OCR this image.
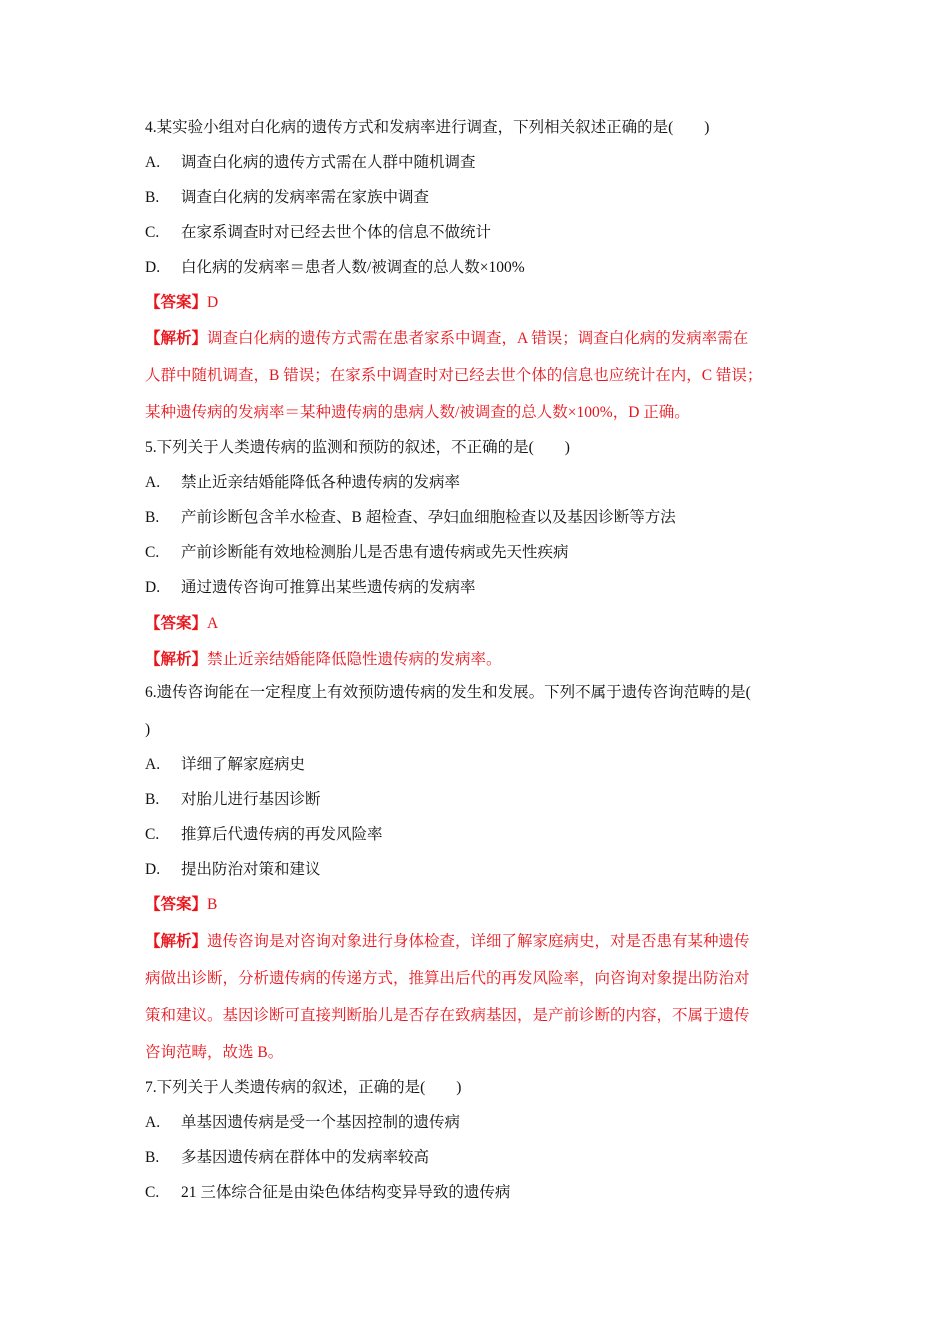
4.某实验小组对白化病的遗传方式和发病率进行调查，下列相关叙述正确的是(　　)
A. 调查白化病的遗传方式需在人群中随机调查
B. 调查白化病的发病率需在家族中调查
C. 在家系调查时对已经去世个体的信息不做统计
D. 白化病的发病率＝患者人数/被调查的总人数×100%
【答案】D
【解析】调查白化病的遗传方式需在患者家系中调查，A 错误；调查白化病的发病率需在
人群中随机调查，B 错误；在家系中调查时对已经去世个体的信息也应统计在内，C 错误；
某种遗传病的发病率＝某种遗传病的患病人数/被调查的总人数×100%，D 正确。
5.下列关于人类遗传病的监测和预防的叙述，不正确的是(　　)
A. 禁止近亲结婚能降低各种遗传病的发病率
B. 产前诊断包含羊水检查、B 超检查、孕妇血细胞检查以及基因诊断等方法
C. 产前诊断能有效地检测胎儿是否患有遗传病或先天性疾病
D. 通过遗传咨询可推算出某些遗传病的发病率
【答案】A
【解析】禁止近亲结婚能降低隐性遗传病的发病率。
6.遗传咨询能在一定程度上有效预防遗传病的发生和发展。下列不属于遗传咨询范畴的是(
)
A. 详细了解家庭病史
B. 对胎儿进行基因诊断
C. 推算后代遗传病的再发风险率
D. 提出防治对策和建议
【答案】B
【解析】遗传咨询是对咨询对象进行身体检查，详细了解家庭病史，对是否患有某种遗传
病做出诊断，分析遗传病的传递方式，推算出后代的再发风险率，向咨询对象提出防治对
策和建议。基因诊断可直接判断胎儿是否存在致病基因，是产前诊断的内容，不属于遗传
咨询范畴，故选 B。
7.下列关于人类遗传病的叙述，正确的是(　　)
A. 单基因遗传病是受一个基因控制的遗传病
B. 多基因遗传病在群体中的发病率较高
C. 21 三体综合征是由染色体结构变异导致的遗传病
